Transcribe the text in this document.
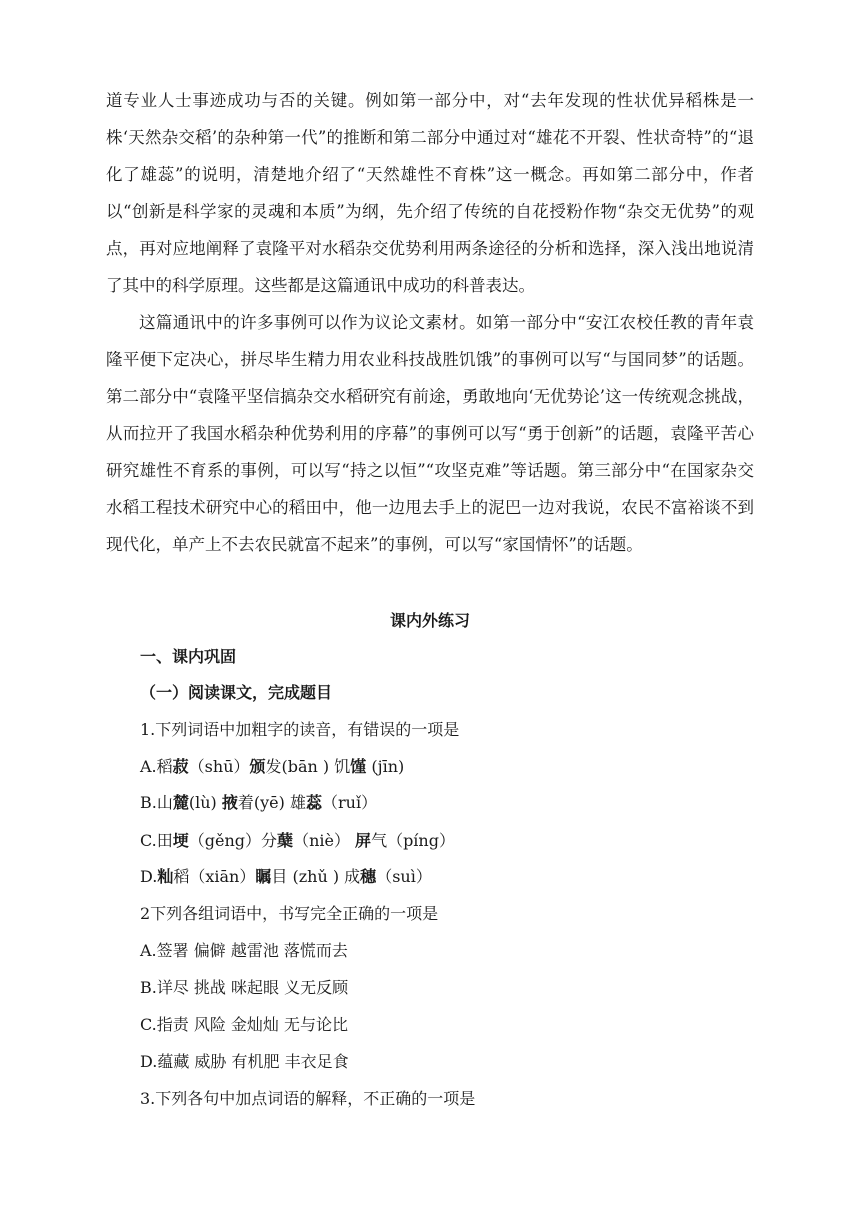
道专业人士事迹成功与否的关键。例如第一部分中，对“去年发现的性状优异稻株是一株‘天然杂交稻’的杂种第一代”的推断和第二部分中通过对“雄花不开裂、性状奇特”的“退化了雄蕊”的说明，清楚地介绍了“天然雄性不育株”这一概念。再如第二部分中，作者以“创新是科学家的灵魂和本质”为纲，先介绍了传统的自花授粉作物“杂交无优势”的观点，再对应地阐释了袁隆平对水稻杂交优势利用两条途径的分析和选择，深入浅出地说清了其中的科学原理。这些都是这篇通讯中成功的科普表达。

这篇通讯中的许多事例可以作为议论文素材。如第一部分中“安江农校任教的青年袁隆平便下定决心，拼尽毕生精力用农业科技战胜饥饿”的事例可以写“与国同梦”的话题。第二部分中“袁隆平坚信搞杂交水稻研究有前途，勇敢地向‘无优势论’这一传统观念挑战，从而拉开了我国水稻杂种优势利用的序幕”的事例可以写“勇于创新”的话题，袁隆平苦心研究雄性不育系的事例，可以写“持之以恒”“攻坚克难”等话题。第三部分中“在国家杂交水稻工程技术研究中心的稻田中，他一边甩去手上的泥巴一边对我说，农民不富裕谈不到现代化，单产上不去农民就富不起来”的事例，可以写“家国情怀”的话题。

课内外练习

一、课内巩固

（一）阅读课文，完成题目

1.下列词语中加粗字的读音，有错误的一项是

A.稻菽（shū）颁发(bān ) 饥馑 (jīn)

B.山麓(lù) 掖着(yē) 雄蕊（ruǐ）

C.田埂（gěng）分蘖（niè） 屏气（píng）

D.籼稻（xiān）瞩目 (zhǔ ) 成穗（suì）

2下列各组词语中，书写完全正确的一项是

A.签署 偏僻 越雷池 落慌而去

B.详尽 挑战 咪起眼 义无反顾

C.指责 风险 金灿灿 无与论比

D.蕴藏 威胁 有机肥 丰衣足食

3.下列各句中加点词语的解释，不正确的一项是
